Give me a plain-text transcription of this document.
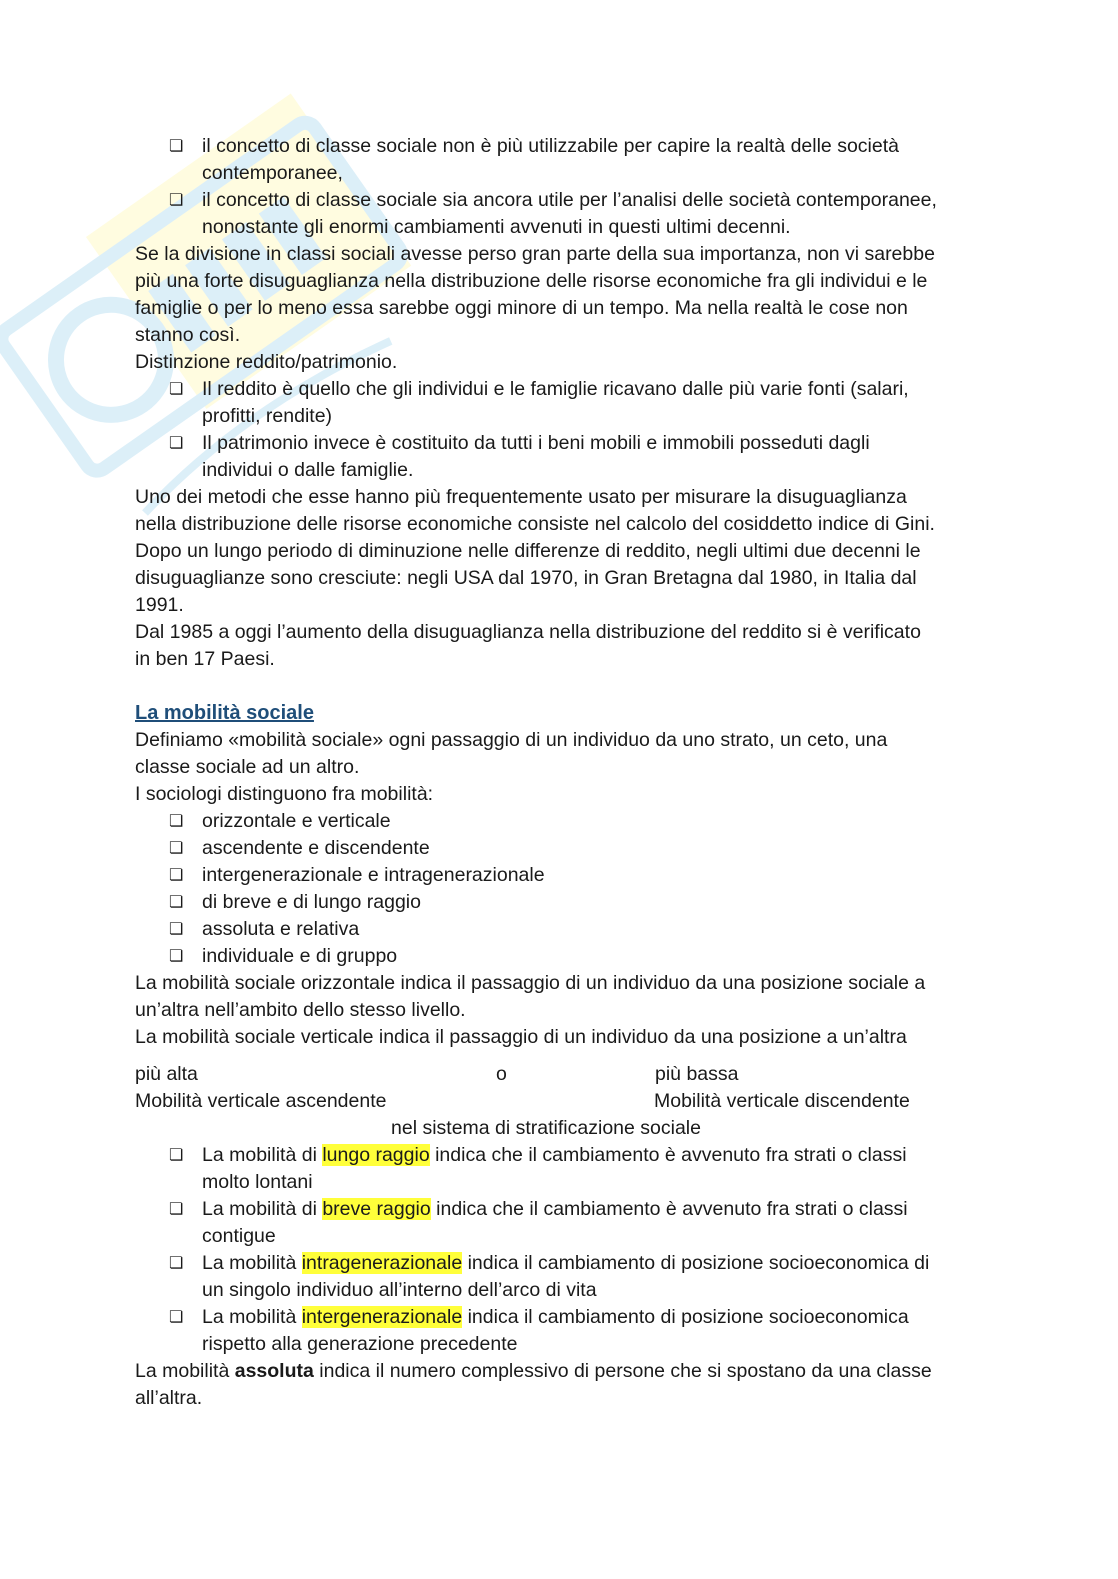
❏ il concetto di classe sociale non è più utilizzabile per capire la realtà delle società
contemporanee,
❏ il concetto di classe sociale sia ancora utile per l’analisi delle società contemporanee,
nonostante gli enormi cambiamenti avvenuti in questi ultimi decenni.

Se la divisione in classi sociali avesse perso gran parte della sua importanza, non vi sarebbe

più una forte disuguaglianza nella distribuzione delle risorse economiche fra gli individui e le

famiglie o per lo meno essa sarebbe oggi minore di un tempo. Ma nella realtà le cose non

stanno così.

Distinzione reddito/patrimonio.

❏ Il reddito è quello che gli individui e le famiglie ricavano dalle più varie fonti (salari,
profitti, rendite)
❏ Il patrimonio invece è costituito da tutti i beni mobili e immobili posseduti dagli
individui o dalle famiglie.

Uno dei metodi che esse hanno più frequentemente usato per misurare la disuguaglianza

nella distribuzione delle risorse economiche consiste nel calcolo del cosiddetto indice di Gini.

Dopo un lungo periodo di diminuzione nelle differenze di reddito, negli ultimi due decenni le

disuguaglianze sono cresciute: negli USA dal 1970, in Gran Bretagna dal 1980, in Italia dal

1991.

Dal 1985 a oggi l’aumento della disuguaglianza nella distribuzione del reddito si è verificato

in ben 17 Paesi.

La mobilità sociale

Definiamo «mobilità sociale» ogni passaggio di un individuo da uno strato, un ceto, una

classe sociale ad un altro.

I sociologi distinguono fra mobilità:

❏ orizzontale e verticale
❏ ascendente e discendente
❏ intergenerazionale e intragenerazionale
❏ di breve e di lungo raggio
❏ assoluta e relativa
❏ individuale e di gruppo

La mobilità sociale orizzontale indica il passaggio di un individuo da una posizione sociale a

un’altra nell’ambito dello stesso livello.

La mobilità sociale verticale indica il passaggio di un individuo da una posizione a un’altra

più alta	o	più bassa
Mobilità verticale ascendente	Mobilità verticale discendente

nel sistema di stratificazione sociale

❏ La mobilità di lungo raggio indica che il cambiamento è avvenuto fra strati o classi
molto lontani
❏ La mobilità di breve raggio indica che il cambiamento è avvenuto fra strati o classi
contigue
❏ La mobilità intragenerazionale indica il cambiamento di posizione socioeconomica di
un singolo individuo all’interno dell’arco di vita
❏ La mobilità intergenerazionale indica il cambiamento di posizione socioeconomica
rispetto alla generazione precedente

La mobilità assoluta indica il numero complessivo di persone che si spostano da una classe
all’altra.
